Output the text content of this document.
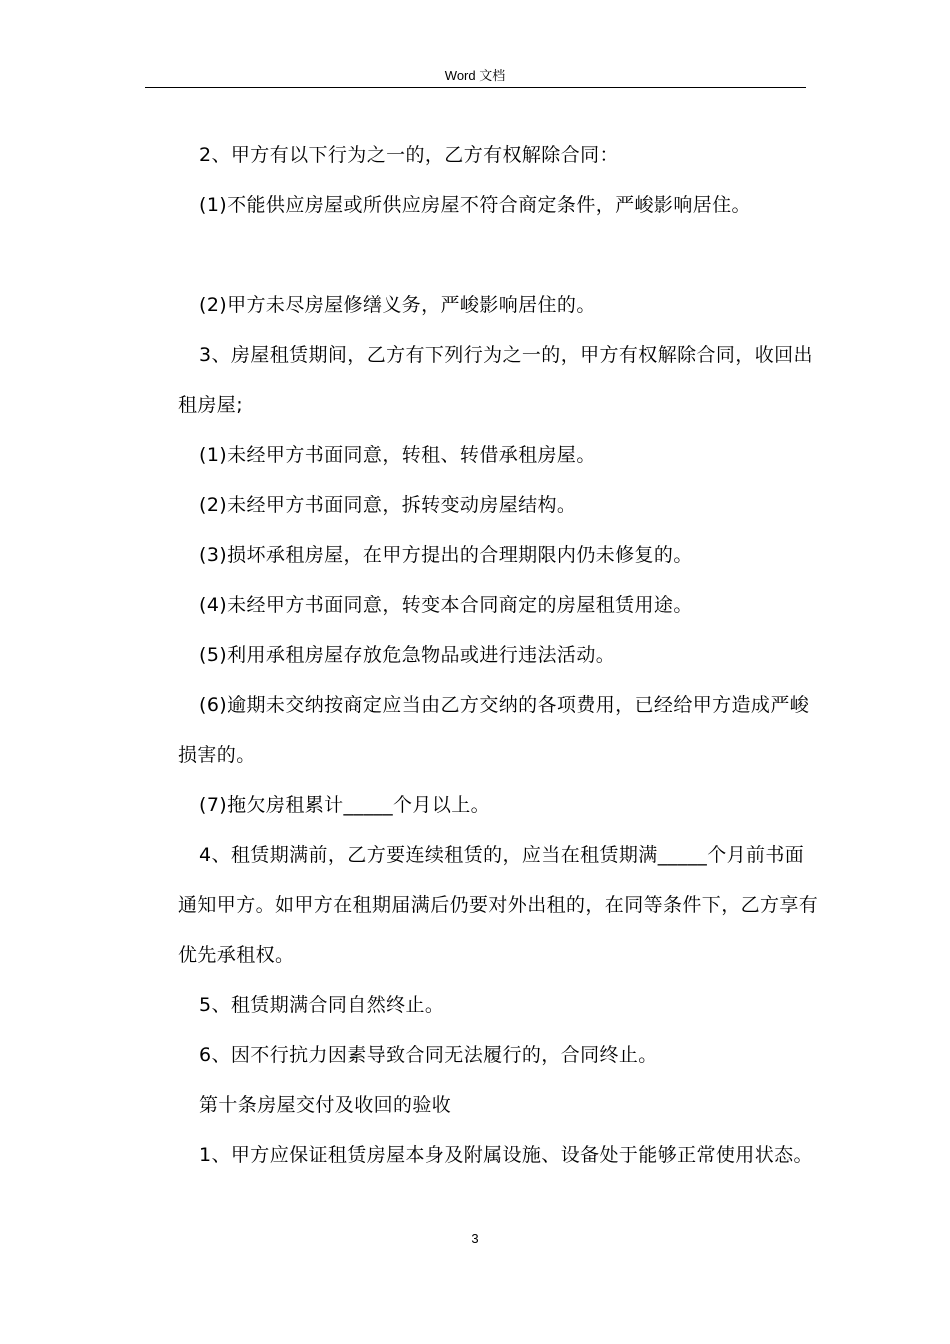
Word 文档

2、甲方有以下行为之一的，乙方有权解除合同：

(1)不能供应房屋或所供应房屋不符合商定条件，严峻影响居住。

(2)甲方未尽房屋修缮义务，严峻影响居住的。

3、房屋租赁期间，乙方有下列行为之一的，甲方有权解除合同，收回出租房屋;

(1)未经甲方书面同意，转租、转借承租房屋。

(2)未经甲方书面同意，拆转变动房屋结构。

(3)损坏承租房屋，在甲方提出的合理期限内仍未修复的。

(4)未经甲方书面同意，转变本合同商定的房屋租赁用途。

(5)利用承租房屋存放危急物品或进行违法活动。

(6)逾期未交纳按商定应当由乙方交纳的各项费用，已经给甲方造成严峻损害的。

(7)拖欠房租累计_____个月以上。

4、租赁期满前，乙方要连续租赁的，应当在租赁期满_____个月前书面通知甲方。如甲方在租期届满后仍要对外出租的，在同等条件下，乙方享有优先承租权。

5、租赁期满合同自然终止。

6、因不行抗力因素导致合同无法履行的，合同终止。

第十条房屋交付及收回的验收

1、甲方应保证租赁房屋本身及附属设施、设备处于能够正常使用状态。

3
